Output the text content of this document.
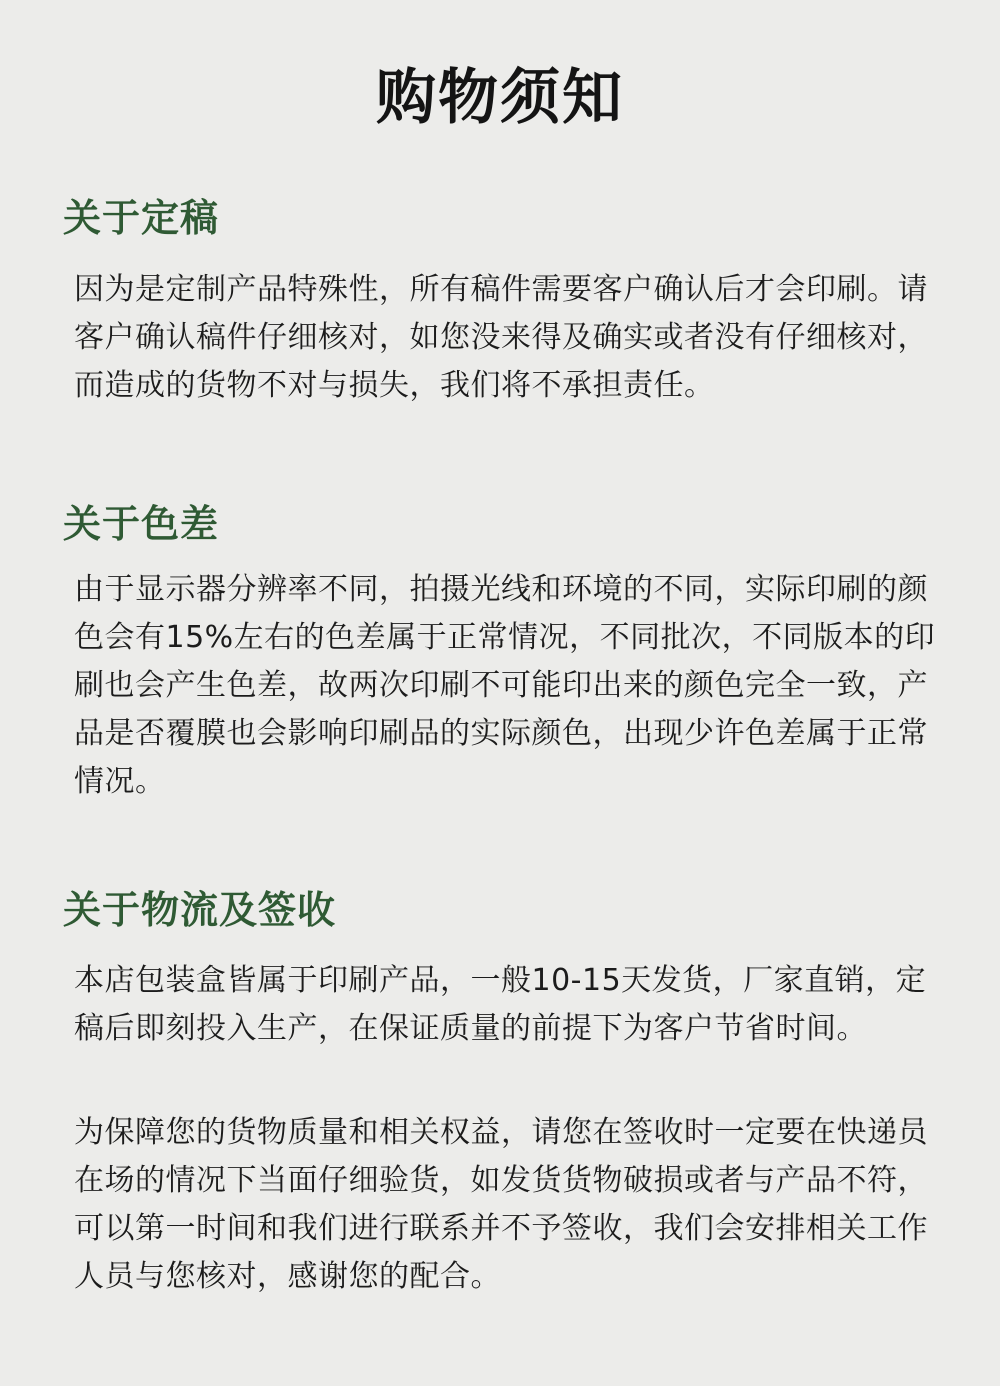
购物须知
关于定稿

因为是定制产品特殊性，所有稿件需要客户确认后才会印刷。请客户确认稿件仔细核对，如您没来得及确实或者没有仔细核对，而造成的货物不对与损失，我们将不承担责任。

关于色差

由于显示器分辨率不同，拍摄光线和环境的不同，实际印刷的颜色会有15%左右的色差属于正常情况，不同批次，不同版本的印刷也会产生色差，故两次印刷不可能印出来的颜色完全一致，产品是否覆膜也会影响印刷品的实际颜色，出现少许色差属于正常情况。

关于物流及签收

本店包装盒皆属于印刷产品，一般10-15天发货，厂家直销，定稿后即刻投入生产，在保证质量的前提下为客户节省时间。

为保障您的货物质量和相关权益，请您在签收时一定要在快递员在场的情况下当面仔细验货，如发货货物破损或者与产品不符，可以第一时间和我们进行联系并不予签收，我们会安排相关工作人员与您核对，感谢您的配合。
